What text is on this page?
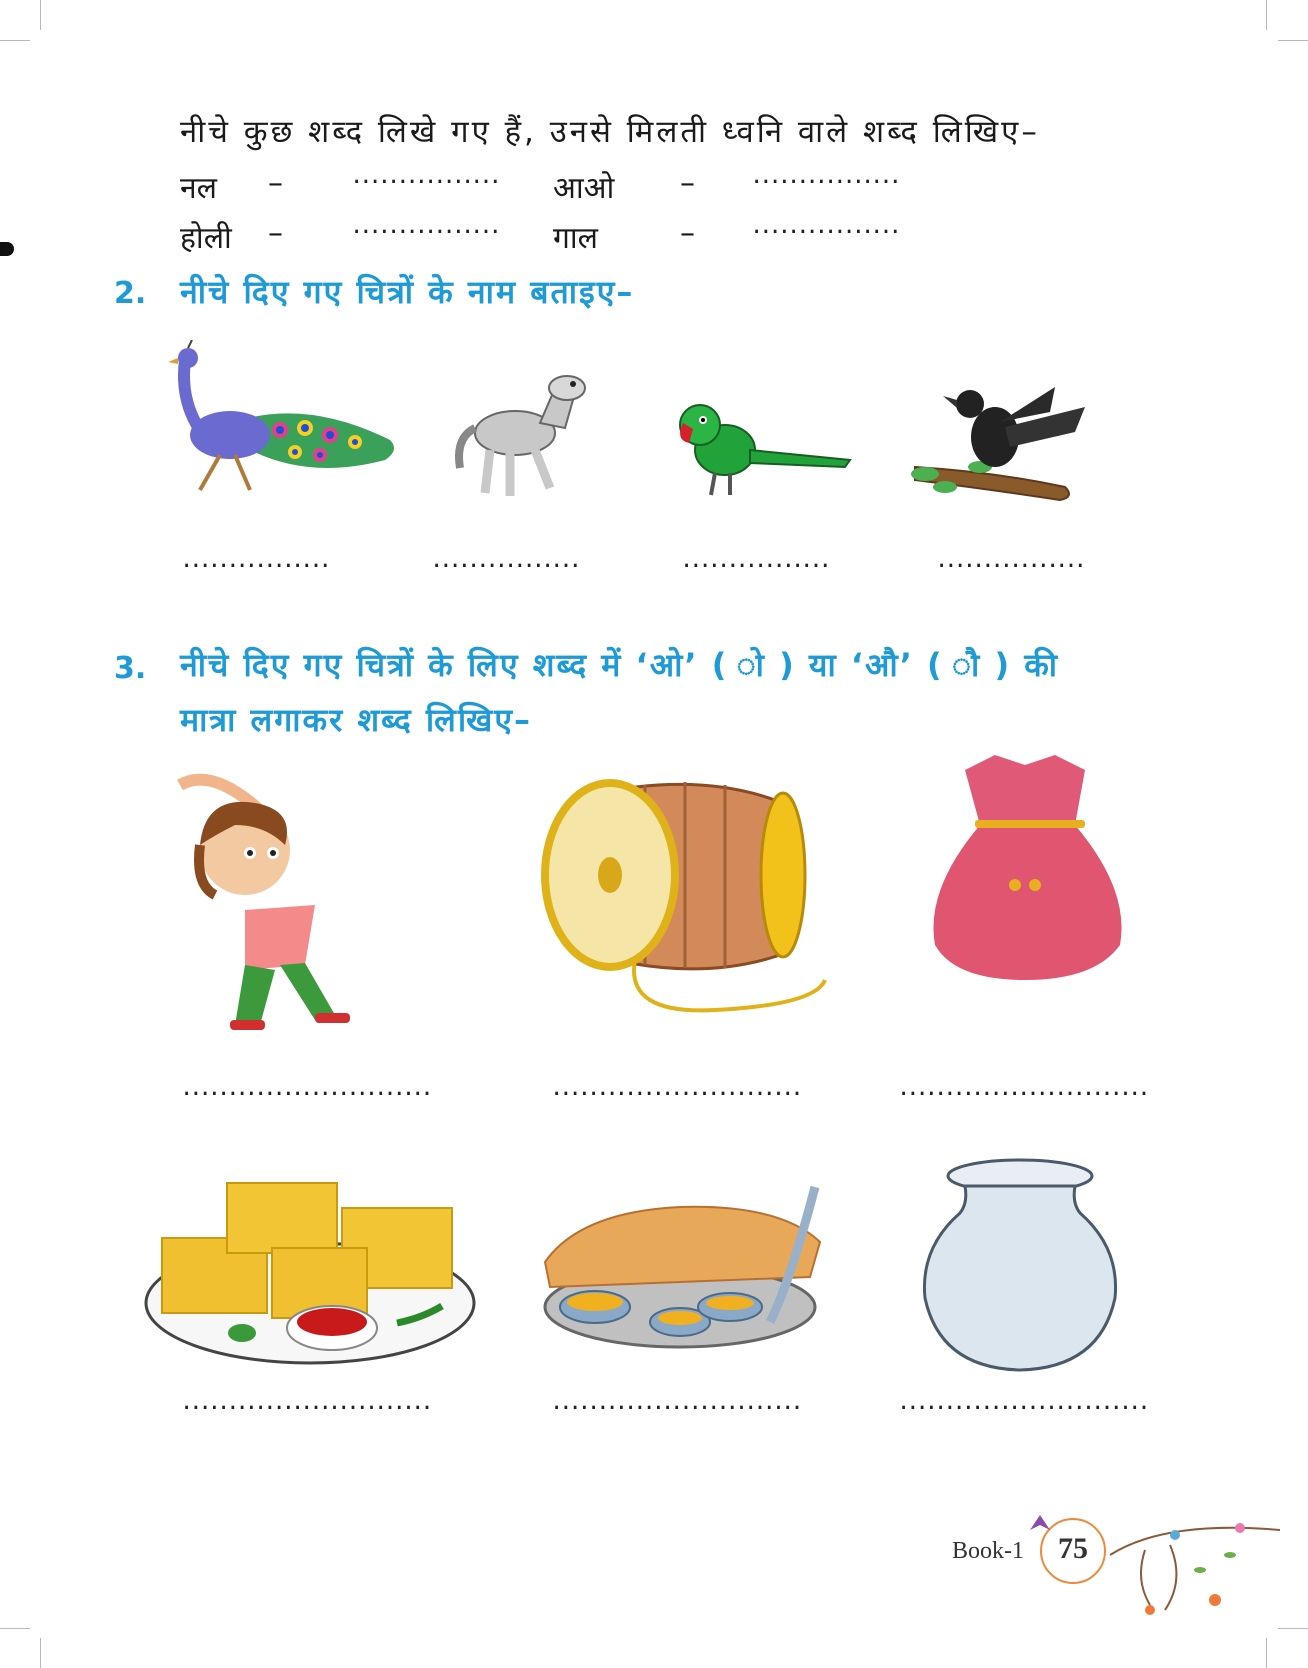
नीचे कुछ शब्द लिखे गए हैं, उनसे मिलती ध्वनि वाले शब्द लिखिए–
नल –	................ आओ –	................
होली –	................ गाल	–	................
2. नीचे दिए गए चित्रों के नाम बताइए–
................	................	................	................
3. नीचे दिए गए चित्रों के लिए शब्द में ‘ओ’ ( ो ) या ‘औ’ ( ौ ) की
मात्रा लगाकर शब्द लिखिए–
...........................	...........................	...........................
...........................	...........................	...........................
Book-1	75
